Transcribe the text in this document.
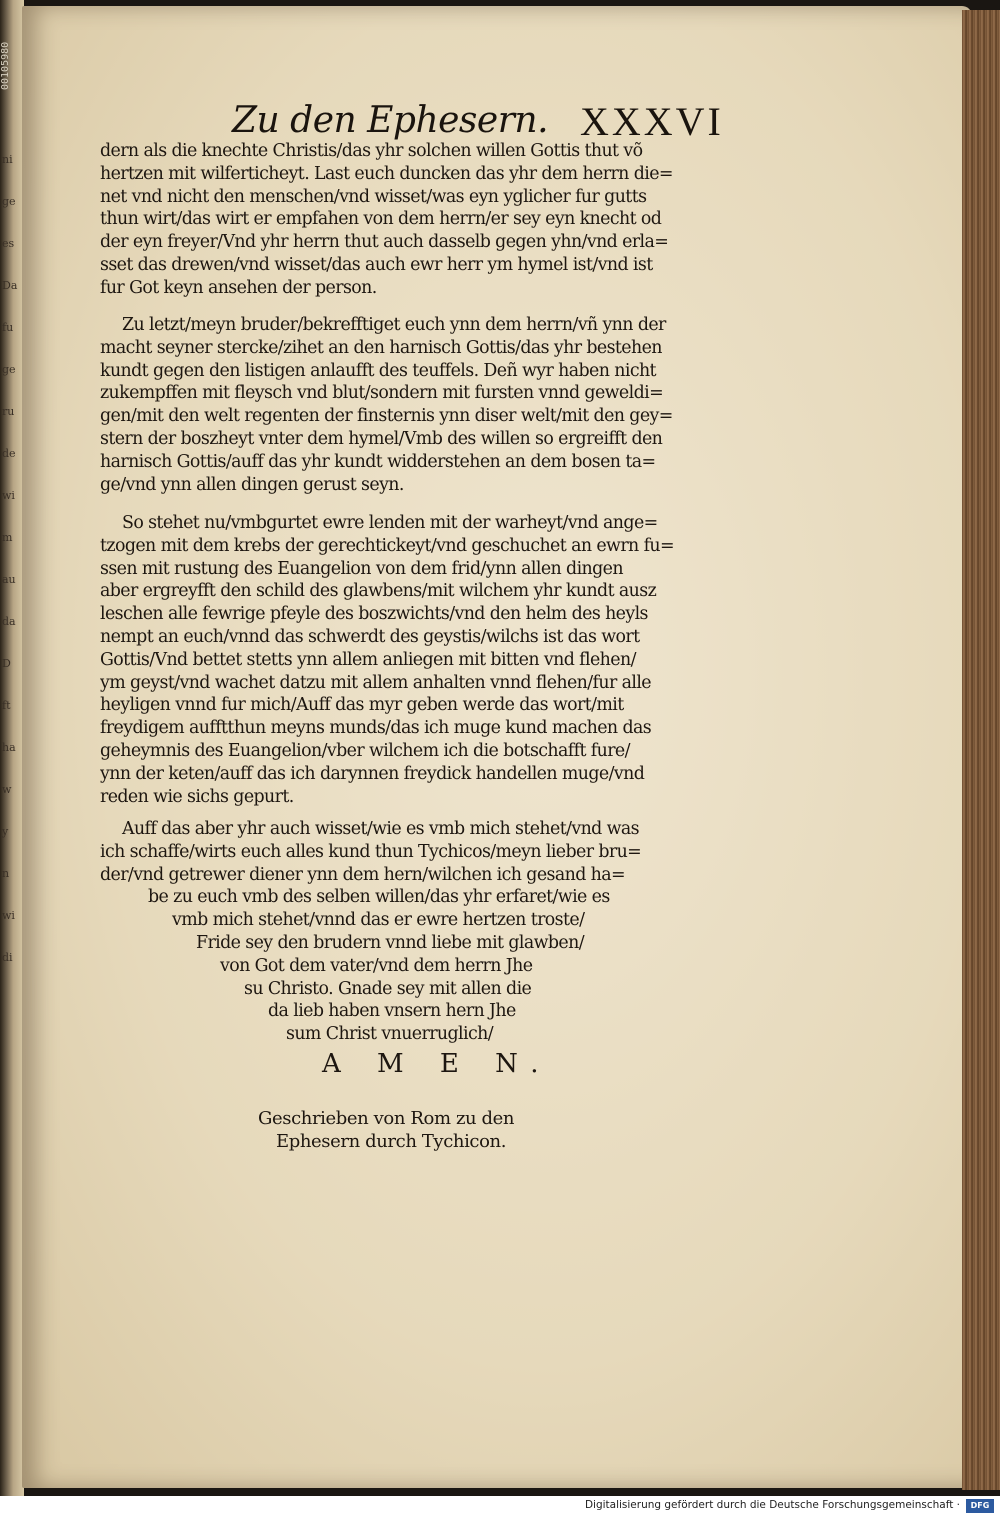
00105980
ni
ge
es
Da
fu
ge
ru
de
wi
m
au
da
D
ft
ha
w
y
n
wi
di
Zu den Ephesern. XXXVI
dern als die knechte Christis/das yhr solchen willen Gottis thut võ
hertzen mit wilferticheyt. Last euch duncken das yhr dem herrn die=
net vnd nicht den menschen/vnd wisset/was eyn yglicher fur gutts
thun wirt/das wirt er empfahen von dem herrn/er sey eyn knecht od
der eyn freyer/Vnd yhr herrn thut auch dasselb gegen yhn/vnd erla=
sset das drewen/vnd wisset/das auch ewr herr ym hymel ist/vnd ist
fur Got keyn ansehen der person.
Zu letzt/meyn bruder/bekrefftiget euch ynn dem herrn/vñ ynn der
macht seyner stercke/zihet an den harnisch Gottis/das yhr bestehen
kundt gegen den listigen anlaufft des teuffels. Deñ wyr haben nicht
zukempffen mit fleysch vnd blut/sondern mit fursten vnnd geweldi=
gen/mit den welt regenten der finsternis ynn diser welt/mit den gey=
stern der boszheyt vnter dem hymel/Vmb des willen so ergreifft den
harnisch Gottis/auff das yhr kundt widderstehen an dem bosen ta=
ge/vnd ynn allen dingen gerust seyn.
So stehet nu/vmbgurtet ewre lenden mit der warheyt/vnd ange=
tzogen mit dem krebs der gerechtickeyt/vnd geschuchet an ewrn fu=
ssen mit rustung des Euangelion von dem frid/ynn allen dingen
aber ergreyfft den schild des glawbens/mit wilchem yhr kundt ausz
leschen alle fewrige pfeyle des boszwichts/vnd den helm des heyls
nempt an euch/vnnd das schwerdt des geystis/wilchs ist das wort
Gottis/Vnd bettet stetts ynn allem anliegen mit bitten vnd flehen/
ym geyst/vnd wachet datzu mit allem anhalten vnnd flehen/fur alle
heyligen vnnd fur mich/Auff das myr geben werde das wort/mit
freydigem aufftthun meyns munds/das ich muge kund machen das
geheymnis des Euangelion/vber wilchem ich die botschafft fure/
ynn der keten/auff das ich darynnen freydick handellen muge/vnd
reden wie sichs gepurt.
Auff das aber yhr auch wisset/wie es vmb mich stehet/vnd was
ich schaffe/wirts euch alles kund thun Tychicos/meyn lieber bru=
der/vnd getrewer diener ynn dem hern/wilchen ich gesand ha=
be zu euch vmb des selben willen/das yhr erfaret/wie es
vmb mich stehet/vnnd das er ewre hertzen troste/
Fride sey den brudern vnnd liebe mit glawben/
von Got dem vater/vnd dem herrn Jhe
su Christo. Gnade sey mit allen die
da lieb haben vnsern hern Jhe
sum Christ vnuerruglich/
A M E N.
Geschrieben von Rom zu den
Ephesern durch Tychicon.
Digitalisierung gefördert durch die Deutsche Forschungsgemeinschaft ·	DFG
